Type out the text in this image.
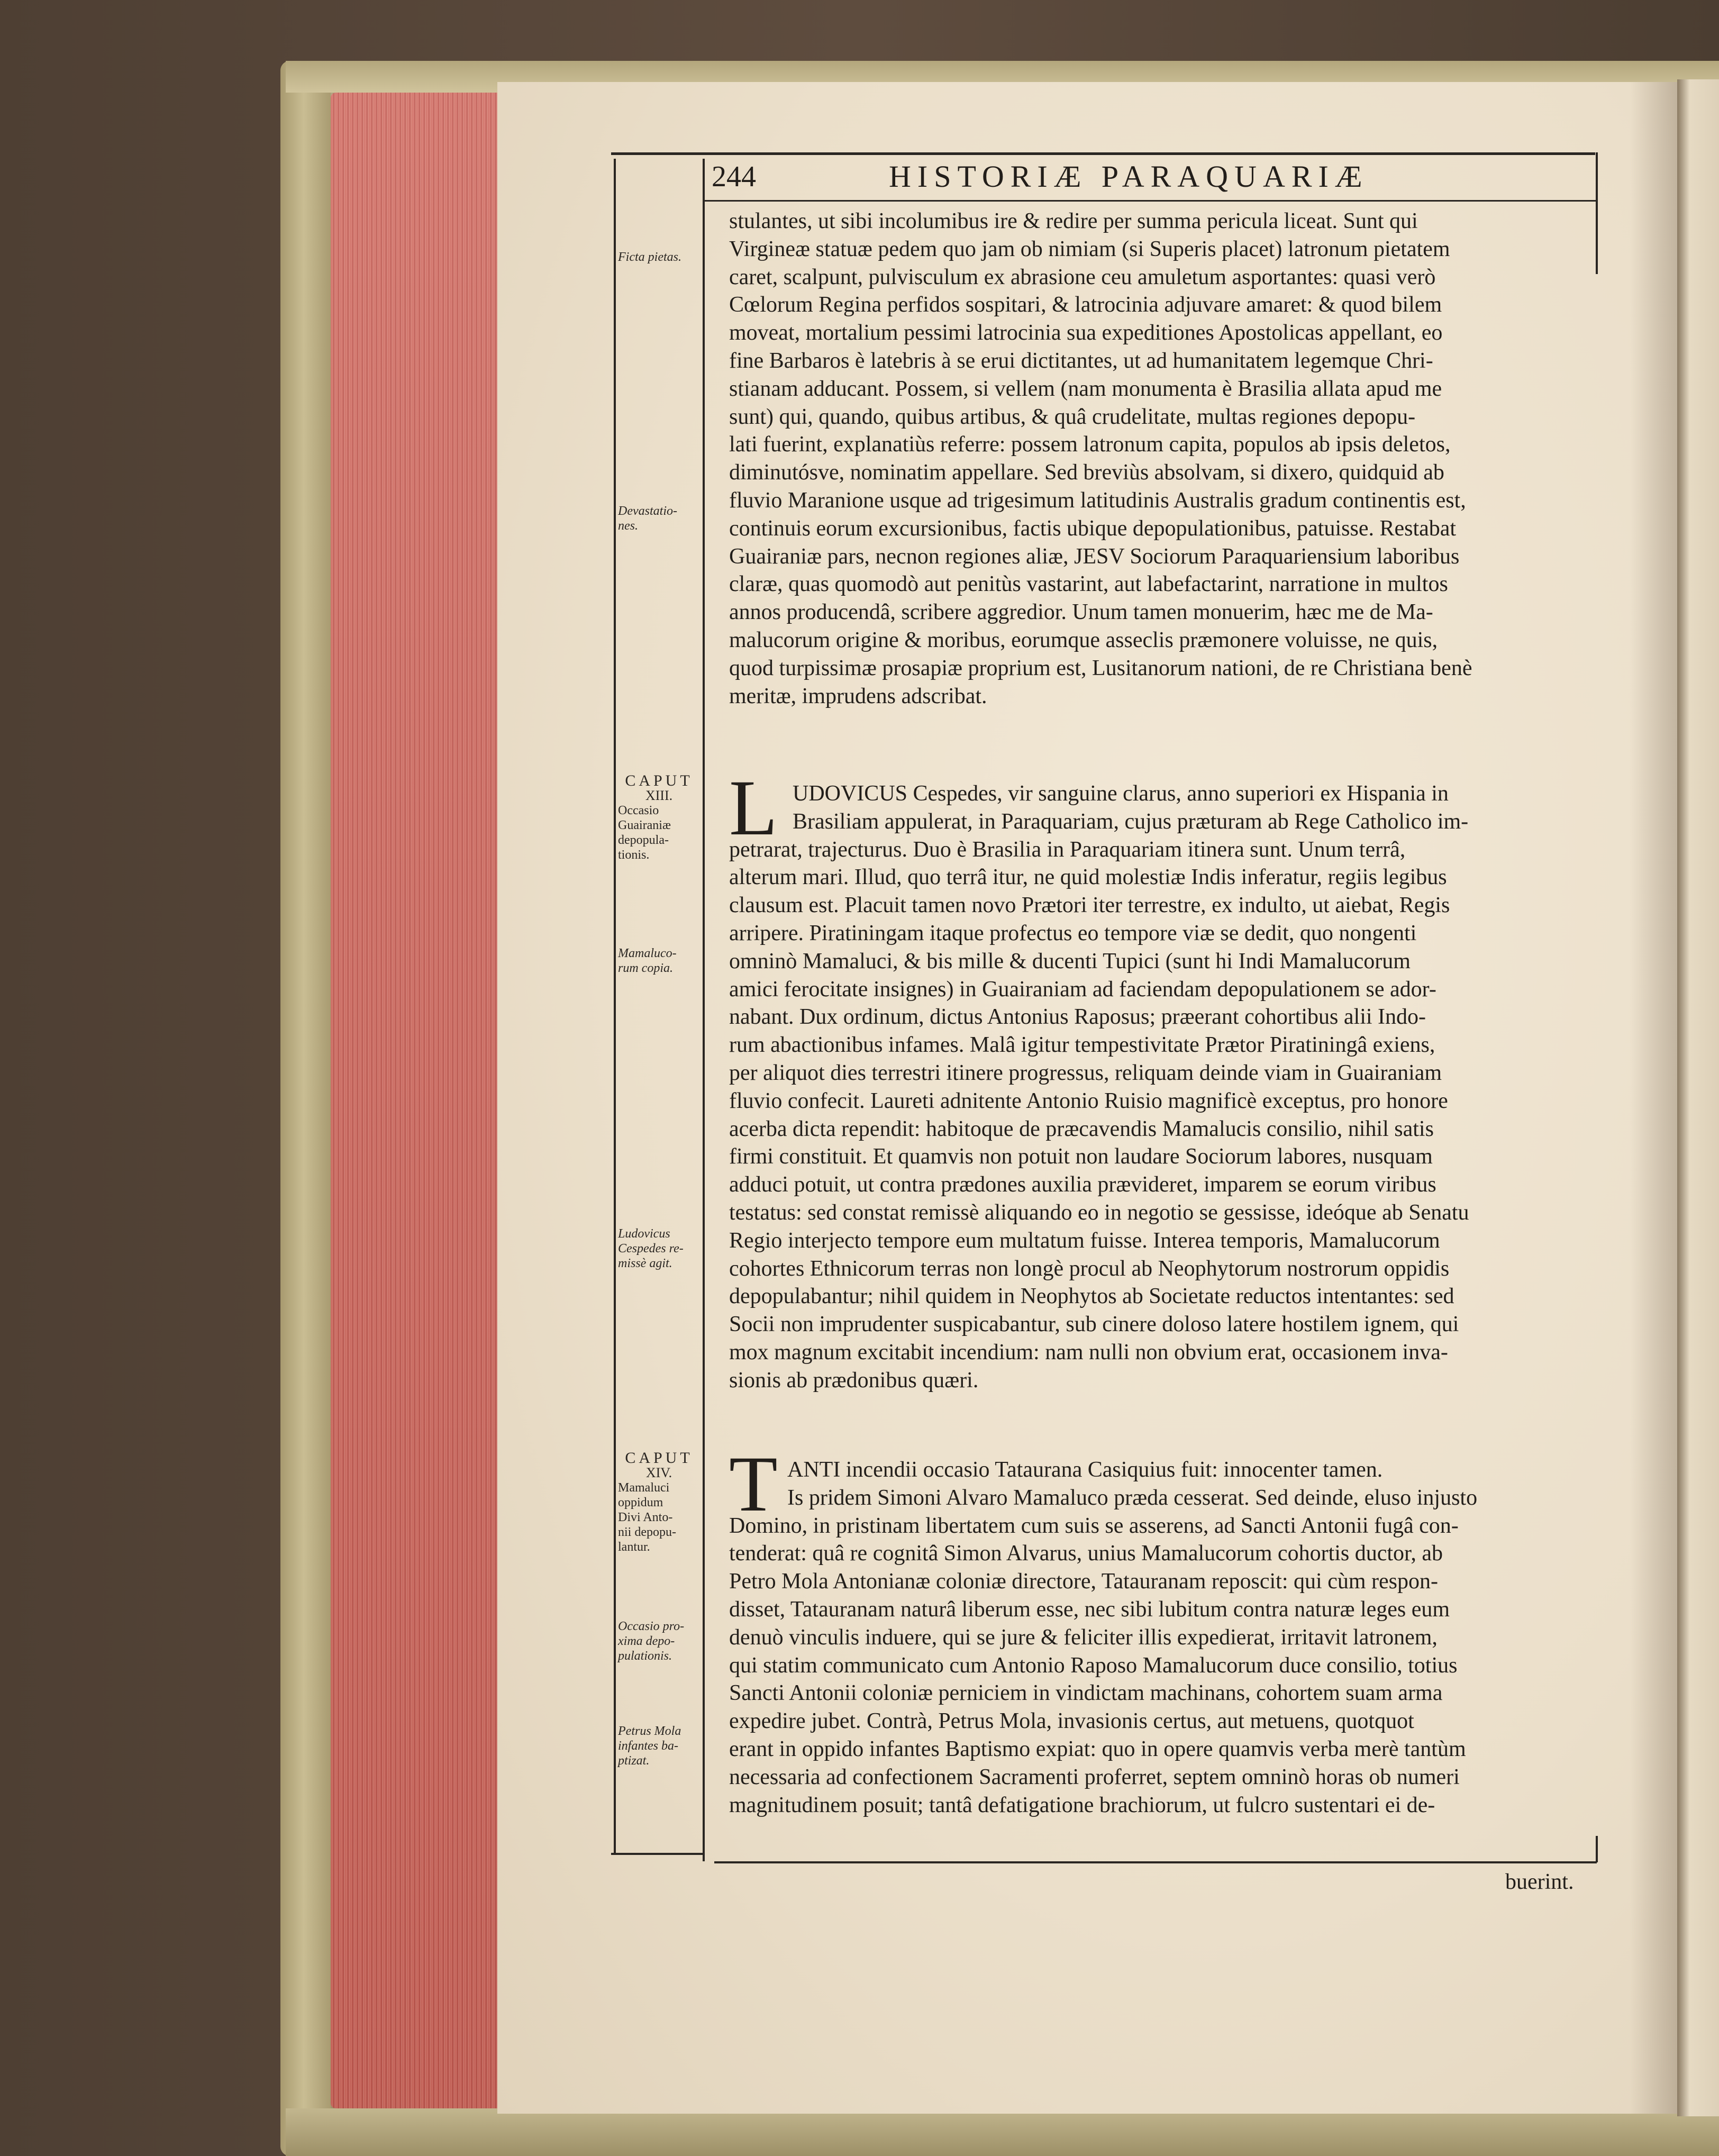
244	HISTORIÆ PARAQUARIÆ
Ficta pietas.
Devastatio-
nes.
CAPUT
XIII.
Occasio
Guairaniæ
depopula-
tionis.
Mamaluco-
rum copia.
Ludovicus
Cespedes re-
missè agit.
CAPUT
XIV.
Mamaluci
oppidum
Divi Anto-
nii depopu-
lantur.
Occasio pro-
xima depo-
pulationis.
Petrus Mola
infantes ba-
ptizat.
stulantes, ut sibi incolumibus ire & redire per summa pericula liceat. Sunt qui
Virgineæ statuæ pedem quo jam ob nimiam (si Superis placet) latronum pietatem
caret, scalpunt, pulvisculum ex abrasione ceu amuletum asportantes: quasi verò
Cœlorum Regina perfidos sospitari, & latrocinia adjuvare amaret: & quod bilem
moveat, mortalium pessimi latrocinia sua expeditiones Apostolicas appellant, eo
fine Barbaros è latebris à se erui dictitantes, ut ad humanitatem legemque Chri-
stianam adducant. Possem, si vellem (nam monumenta è Brasilia allata apud me
sunt) qui, quando, quibus artibus, & quâ crudelitate, multas regiones depopu-
lati fuerint, explanatiùs referre: possem latronum capita, populos ab ipsis deletos,
diminutósve, nominatim appellare. Sed breviùs absolvam, si dixero, quidquid ab
fluvio Maranione usque ad trigesimum latitudinis Australis gradum continentis est,
continuis eorum excursionibus, factis ubique depopulationibus, patuisse. Restabat
Guairaniæ pars, necnon regiones aliæ, JESV Sociorum Paraquariensium laboribus
claræ, quas quomodò aut penitùs vastarint, aut labefactarint, narratione in multos
annos producendâ, scribere aggredior. Unum tamen monuerim, hæc me de Ma-
malucorum origine & moribus, eorumque asseclis præmonere voluisse, ne quis,
quod turpissimæ prosapiæ proprium est, Lusitanorum nationi, de re Christiana benè
meritæ, imprudens adscribat.
L UDOVICUS Cespedes, vir sanguine clarus, anno superiori ex Hispania in
Brasiliam appulerat, in Paraquariam, cujus præturam ab Rege Catholico im-
petrarat, trajecturus. Duo è Brasilia in Paraquariam itinera sunt. Unum terrâ,
alterum mari. Illud, quo terrâ itur, ne quid molestiæ Indis inferatur, regiis legibus
clausum est. Placuit tamen novo Prætori iter terrestre, ex indulto, ut aiebat, Regis
arripere. Piratiningam itaque profectus eo tempore viæ se dedit, quo nongenti
omninò Mamaluci, & bis mille & ducenti Tupici (sunt hi Indi Mamalucorum
amici ferocitate insignes) in Guairaniam ad faciendam depopulationem se ador-
nabant. Dux ordinum, dictus Antonius Raposus; præerant cohortibus alii Indo-
rum abactionibus infames. Malâ igitur tempestivitate Prætor Piratiningâ exiens,
per aliquot dies terrestri itinere progressus, reliquam deinde viam in Guairaniam
fluvio confecit. Laureti adnitente Antonio Ruisio magnificè exceptus, pro honore
acerba dicta rependit: habitoque de præcavendis Mamalucis consilio, nihil satis
firmi constituit. Et quamvis non potuit non laudare Sociorum labores, nusquam
adduci potuit, ut contra prædones auxilia prævideret, imparem se eorum viribus
testatus: sed constat remissè aliquando eo in negotio se gessisse, ideóque ab Senatu
Regio interjecto tempore eum multatum fuisse. Interea temporis, Mamalucorum
cohortes Ethnicorum terras non longè procul ab Neophytorum nostrorum oppidis
depopulabantur; nihil quidem in Neophytos ab Societate reductos intentantes: sed
Socii non imprudenter suspicabantur, sub cinere doloso latere hostilem ignem, qui
mox magnum excitabit incendium: nam nulli non obvium erat, occasionem inva-
sionis ab prædonibus quæri.
T ANTI incendii occasio Tataurana Casiquius fuit: innocenter tamen.
Is pridem Simoni Alvaro Mamaluco præda cesserat. Sed deinde, eluso injusto
Domino, in pristinam libertatem cum suis se asserens, ad Sancti Antonii fugâ con-
tenderat: quâ re cognitâ Simon Alvarus, unius Mamalucorum cohortis ductor, ab
Petro Mola Antonianæ coloniæ directore, Tatauranam reposcit: qui cùm respon-
disset, Tatauranam naturâ liberum esse, nec sibi lubitum contra naturæ leges eum
denuò vinculis induere, qui se jure & feliciter illis expedierat, irritavit latronem,
qui statim communicato cum Antonio Raposo Mamalucorum duce consilio, totius
Sancti Antonii coloniæ perniciem in vindictam machinans, cohortem suam arma
expedire jubet. Contrà, Petrus Mola, invasionis certus, aut metuens, quotquot
erant in oppido infantes Baptismo expiat: quo in opere quamvis verba merè tantùm
necessaria ad confectionem Sacramenti proferret, septem omninò horas ob numeri
magnitudinem posuit; tantâ defatigatione brachiorum, ut fulcro sustentari ei de-
buerint.
